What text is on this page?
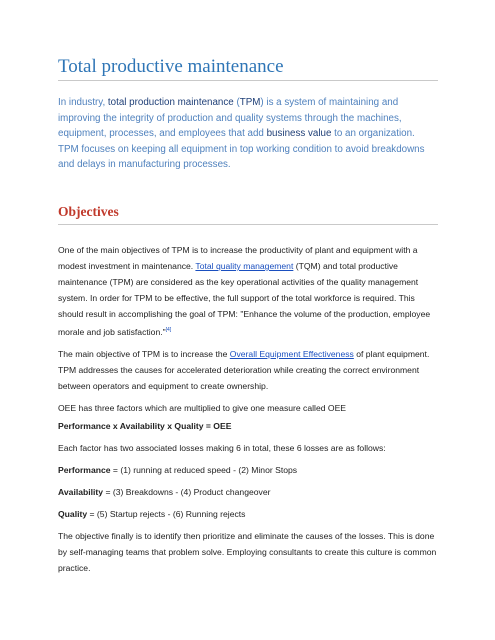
Total productive maintenance
In industry, total production maintenance (TPM) is a system of maintaining and improving the integrity of production and quality systems through the machines, equipment, processes, and employees that add business value to an organization.
TPM focuses on keeping all equipment in top working condition to avoid breakdowns and delays in manufacturing processes.
Objectives

One of the main objectives of TPM is to increase the productivity of plant and equipment with a modest investment in maintenance. Total quality management (TQM) and total productive maintenance (TPM) are considered as the key operational activities of the quality management system. In order for TPM to be effective, the full support of the total workforce is required. This should result in accomplishing the goal of TPM: "Enhance the volume of the production, employee morale and job satisfaction."[4]

The main objective of TPM is to increase the Overall Equipment Effectiveness of plant equipment. TPM addresses the causes for accelerated deterioration while creating the correct environment between operators and equipment to create ownership.

OEE has three factors which are multiplied to give one measure called OEE

Performance x Availability x Quality = OEE

Each factor has two associated losses making 6 in total, these 6 losses are as follows:

Performance = (1) running at reduced speed - (2) Minor Stops

Availability = (3) Breakdowns - (4) Product changeover

Quality = (5) Startup rejects - (6) Running rejects

The objective finally is to identify then prioritize and eliminate the causes of the losses. This is done by self-managing teams that problem solve. Employing consultants to create this culture is common practice.
